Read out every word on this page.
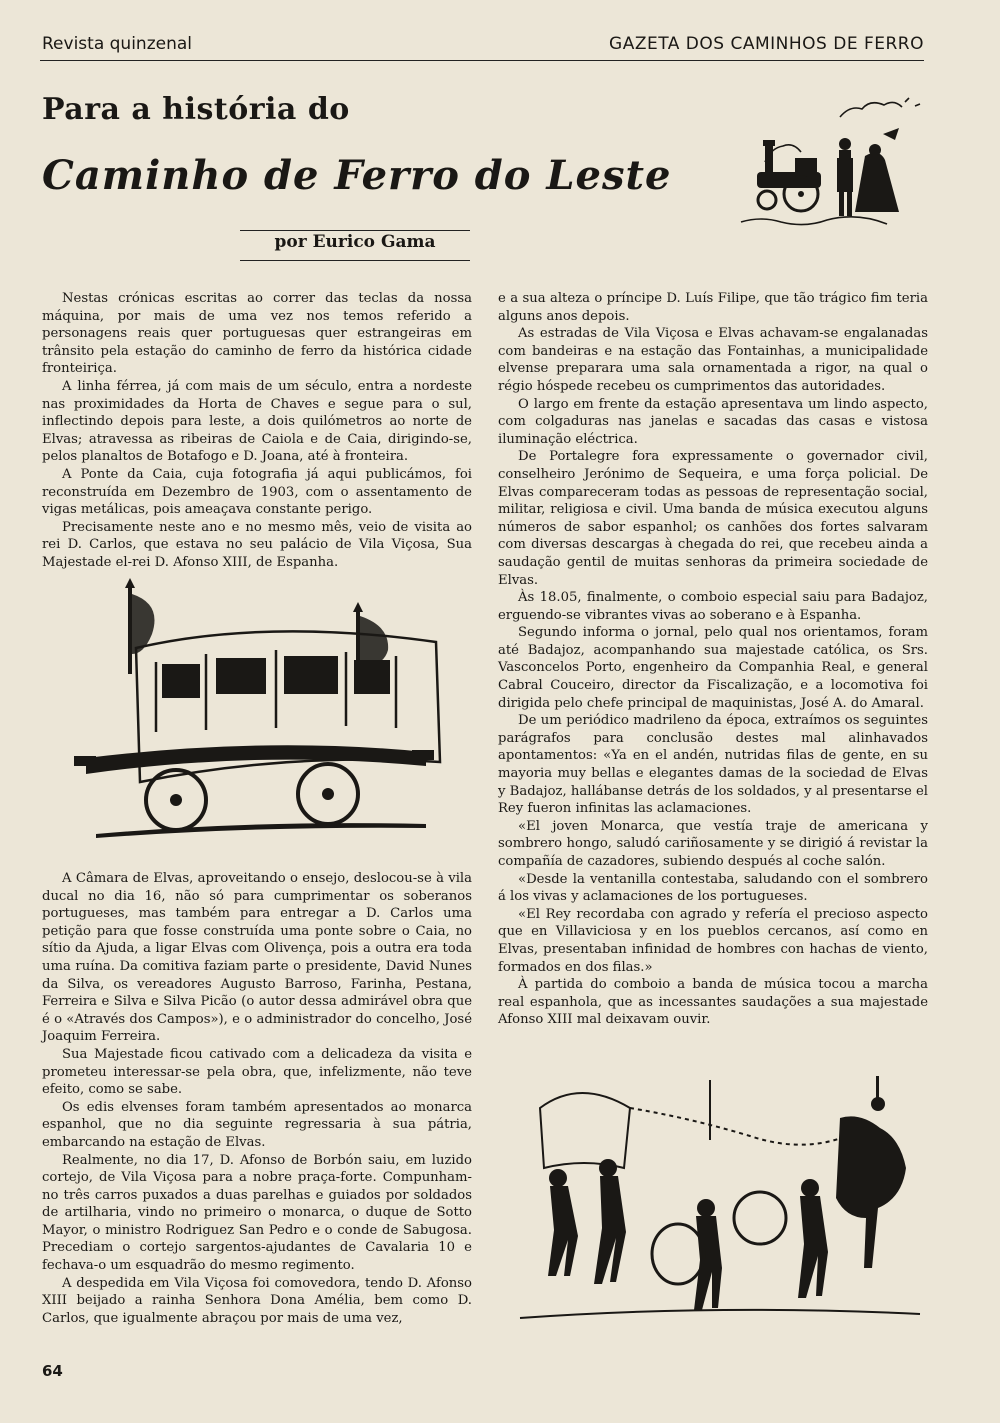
Revista quinzenal	GAZETA DOS CAMINHOS DE FERRO
Para a história do
Caminho de Ferro do Leste
por Eurico Gama

Nestas crónicas escritas ao correr das teclas da nossa máquina, por mais de uma vez nos temos referido a personagens reais quer portuguesas quer estrangeiras em trânsito pela estação do caminho de ferro da histórica cidade fronteiriça.

A linha férrea, já com mais de um século, entra a nordeste nas proximidades da Horta de Chaves e segue para o sul, inflectindo depois para leste, a dois quilómetros ao norte de Elvas; atravessa as ribeiras de Caiola e de Caia, dirigindo-se, pelos planaltos de Botafogo e D. Joana, até à fronteira.

A Ponte da Caia, cuja fotografia já aqui publicámos, foi reconstruída em Dezembro de 1903, com o assentamento de vigas metálicas, pois ameaçava constante perigo.

Precisamente neste ano e no mesmo mês, veio de visita ao rei D. Carlos, que estava no seu palácio de Vila Viçosa, Sua Majestade el-rei D. Afonso XIII, de Espanha.

A Câmara de Elvas, aproveitando o ensejo, deslocou-se à vila ducal no dia 16, não só para cumprimentar os soberanos portugueses, mas também para entregar a D. Carlos uma petição para que fosse construída uma ponte sobre o Caia, no sítio da Ajuda, a ligar Elvas com Olivença, pois a outra era toda uma ruína. Da comitiva faziam parte o presidente, David Nunes da Silva, os vereadores Augusto Barroso, Farinha, Pestana, Ferreira e Silva e Silva Picão (o autor dessa admirável obra que é o «Através dos Campos»), e o administrador do concelho, José Joaquim Ferreira.

Sua Majestade ficou cativado com a delicadeza da visita e prometeu interessar-se pela obra, que, infelizmente, não teve efeito, como se sabe.

Os edis elvenses foram também apresentados ao monarca espanhol, que no dia seguinte regressaria à sua pátria, embarcando na estação de Elvas.

Realmente, no dia 17, D. Afonso de Borbón saiu, em luzido cortejo, de Vila Viçosa para a nobre praça-forte. Compunham-no três carros puxados a duas parelhas e guiados por soldados de artilharia, vindo no primeiro o monarca, o duque de Sotto Mayor, o ministro Rodriguez San Pedro e o conde de Sabugosa. Precediam o cortejo sargentos-ajudantes de Cavalaria 10 e fechava-o um esquadrão do mesmo regimento.

A despedida em Vila Viçosa foi comovedora, tendo D. Afonso XIII beijado a rainha Senhora Dona Amélia, bem como D. Carlos, que igualmente abraçou por mais de uma vez,

e a sua alteza o príncipe D. Luís Filipe, que tão trágico fim teria alguns anos depois.

As estradas de Vila Viçosa e Elvas achavam-se engalanadas com bandeiras e na estação das Fontainhas, a municipalidade elvense preparara uma sala ornamentada a rigor, na qual o régio hóspede recebeu os cumprimentos das autoridades.

O largo em frente da estação apresentava um lindo aspecto, com colgaduras nas janelas e sacadas das casas e vistosa iluminação eléctrica.

De Portalegre fora expressamente o governador civil, conselheiro Jerónimo de Sequeira, e uma força policial. De Elvas compareceram todas as pessoas de representação social, militar, religiosa e civil. Uma banda de música executou alguns números de sabor espanhol; os canhões dos fortes salvaram com diversas descargas à chegada do rei, que recebeu ainda a saudação gentil de muitas senhoras da primeira sociedade de Elvas.

Às 18.05, finalmente, o comboio especial saiu para Badajoz, erguendo-se vibrantes vivas ao soberano e à Espanha.

Segundo informa o jornal, pelo qual nos orientamos, foram até Badajoz, acompanhando sua majestade católica, os Srs. Vasconcelos Porto, engenheiro da Companhia Real, e general Cabral Couceiro, director da Fiscalização, e a locomotiva foi dirigida pelo chefe principal de maquinistas, José A. do Amaral.

De um periódico madrileno da época, extraímos os seguintes parágrafos para conclusão destes mal alinhavados apontamentos: «Ya en el andén, nutridas filas de gente, en su mayoria muy bellas e elegantes damas de la sociedad de Elvas y Badajoz, hallábanse detrás de los soldados, y al presentarse el Rey fueron infinitas las aclamaciones.

«El joven Monarca, que vestía traje de americana y sombrero hongo, saludó cariñosamente y se dirigió á revistar la compañía de cazadores, subiendo después al coche salón.

«Desde la ventanilla contestaba, saludando con el sombrero á los vivas y aclamaciones de los portugueses.

«El Rey recordaba con agrado y refería el precioso aspecto que en Villaviciosa y en los pueblos cercanos, así como en Elvas, presentaban infinidad de hombres con hachas de viento, formados en dos filas.»

À partida do comboio a banda de música tocou a marcha real espanhola, que as incessantes saudações a sua majestade Afonso XIII mal deixavam ouvir.

64
